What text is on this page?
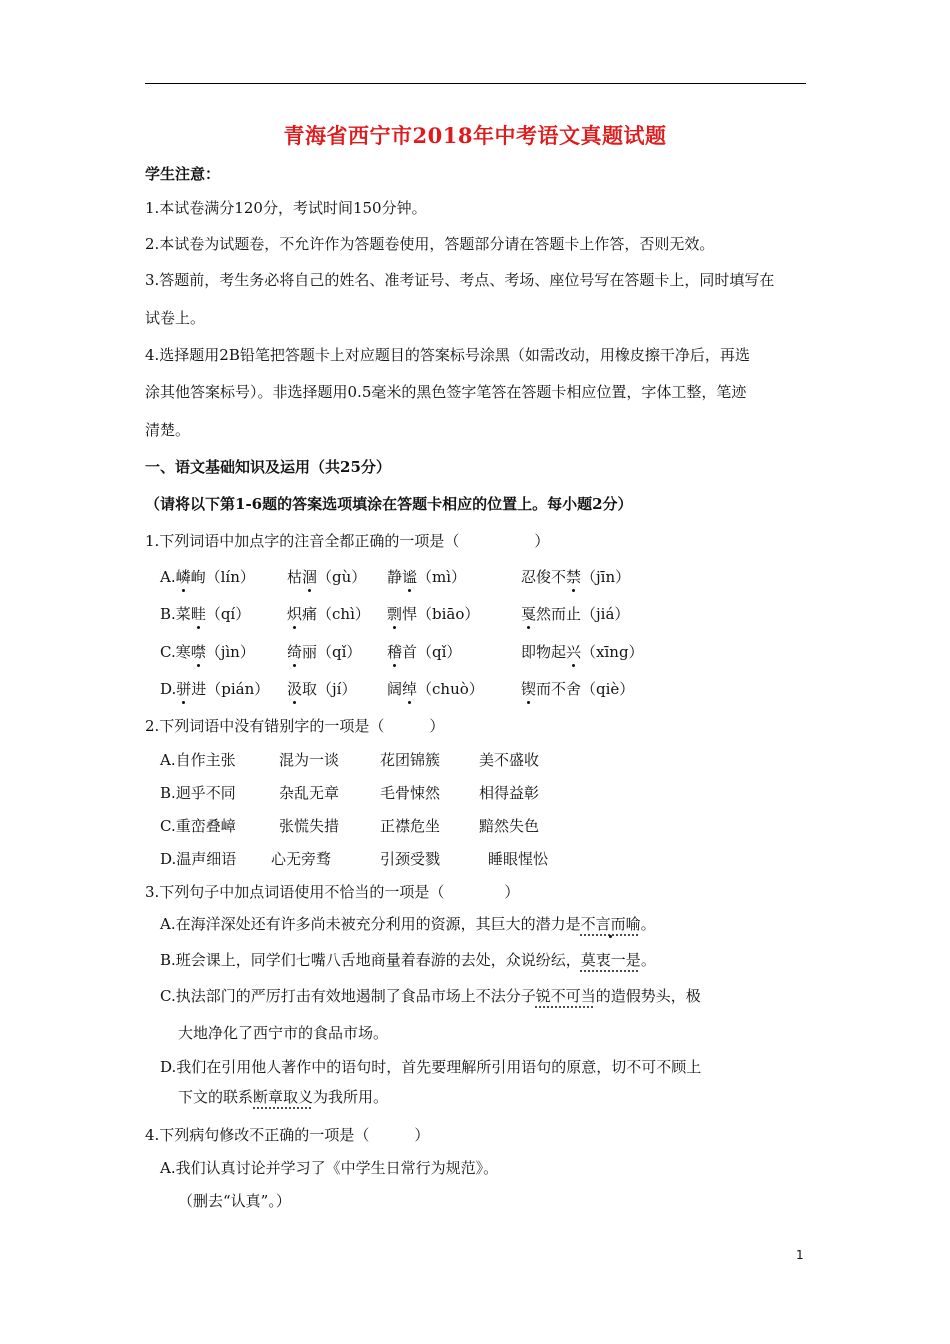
青海省西宁市2018年中考语文真题试题
学生注意：
1.本试卷满分120分，考试时间150分钟。
2.本试卷为试题卷，不允许作为答题卷使用，答题部分请在答题卡上作答，否则无效。
3.答题前，考生务必将自己的姓名、准考证号、考点、考场、座位号写在答题卡上，同时填写在
试卷上。
4.选择题用2B铅笔把答题卡上对应题目的答案标号涂黑（如需改动，用橡皮擦干净后，再选
涂其他答案标号）。非选择题用0.5毫米的黑色签字笔答在答题卡相应位置，字体工整，笔迹
清楚。
一、语文基础知识及运用（共25分）
（请将以下第1-6题的答案选项填涂在答题卡相应的位置上。每小题2分）
1.下列词语中加点字的注音全都正确的一项是（　　　　　）
A.嶙峋（lín） 枯涸（gù） 静谧（mì）	忍俊不禁（jīn）
B.菜畦（qí） 炽痛（chì） 剽悍（biāo）	戛然而止（jiá）
C.寒噤（jìn） 绮丽（qǐ） 稽首（qǐ）	即物起兴（xīng）
D.骈进（pián） 汲取（jí） 阔绰（chuò） 锲而不舍（qiè）
2.下列词语中没有错别字的一项是（　　　）
A.自作主张	混为一谈	花团锦簇	美不盛收
B.迥乎不同	杂乱无章	毛骨悚然	相得益彰
C.重峦叠嶂	张慌失措	正襟危坐	黯然失色
D.温声细语 心无旁骛	引颈受戮	睡眼惺忪
3.下列句子中加点词语使用不恰当的一项是（　　　　）
A.在海洋深处还有许多尚未被充分利用的资源，其巨大的潜力是不言而喻。
B.班会课上，同学们七嘴八舌地商量着春游的去处，众说纷纭，莫衷一是。
C.执法部门的严厉打击有效地遏制了食品市场上不法分子锐不可当的造假势头，极
大地净化了西宁市的食品市场。
D.我们在引用他人著作中的语句时，首先要理解所引用语句的原意，切不可不顾上
下文的联系断章取义为我所用。
4.下列病句修改不正确的一项是（　　　）
A.我们认真讨论并学习了《中学生日常行为规范》。
（删去“认真”。）
1
